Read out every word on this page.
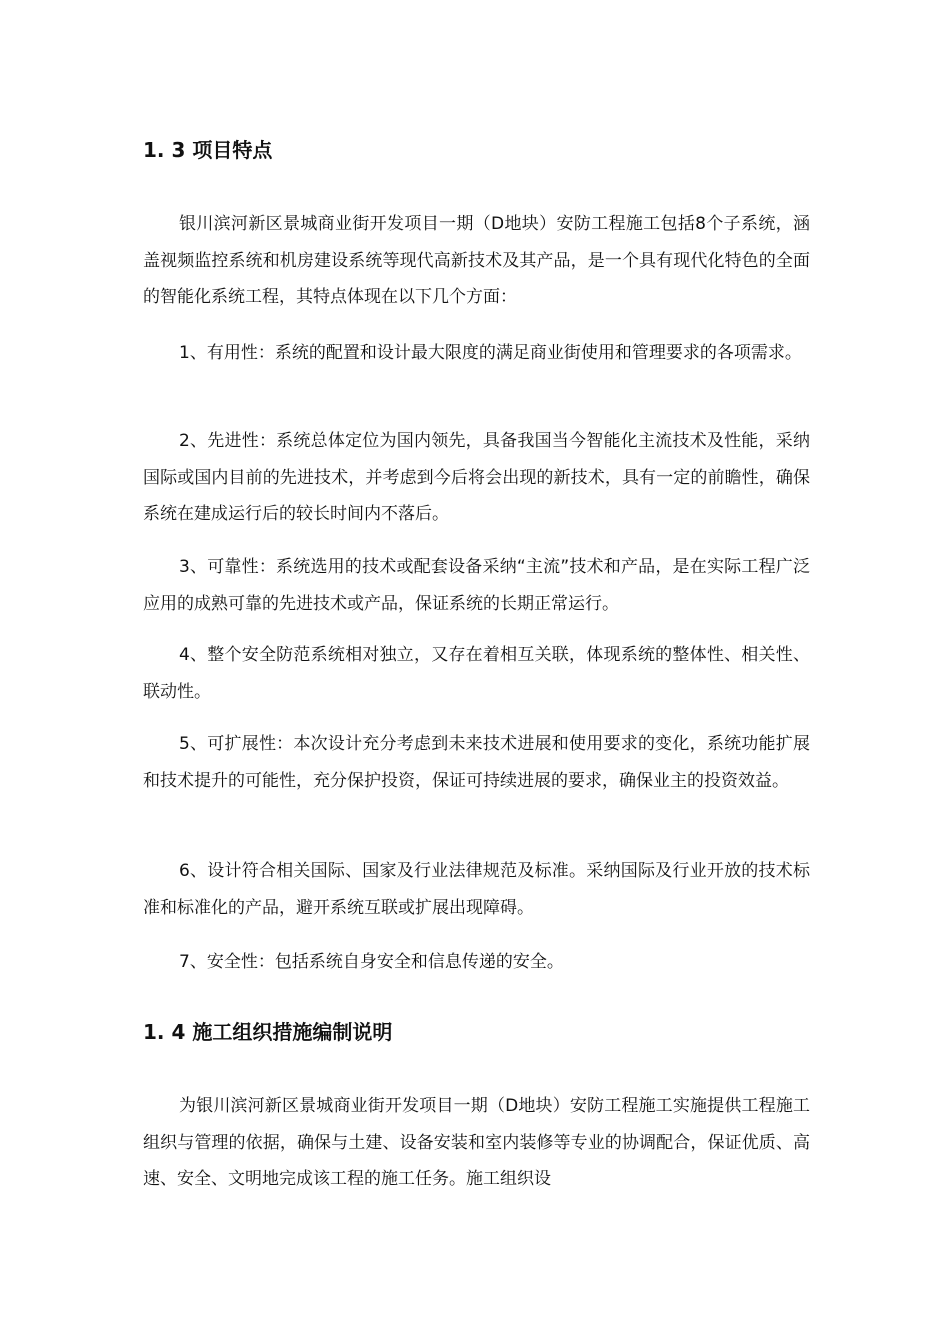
1. 3 项目特点

银川滨河新区景城商业街开发项目一期（D地块）安防工程施工包括8个子系统，涵盖视频监控系统和机房建设系统等现代高新技术及其产品，是一个具有现代化特色的全面的智能化系统工程，其特点体现在以下几个方面：

1、有用性：系统的配置和设计最大限度的满足商业街使用和管理要求的各项需求。

2、先进性：系统总体定位为国内领先，具备我国当今智能化主流技术及性能，采纳国际或国内目前的先进技术，并考虑到今后将会出现的新技术，具有一定的前瞻性，确保系统在建成运行后的较长时间内不落后。

3、可靠性：系统选用的技术或配套设备采纳“主流”技术和产品，是在实际工程广泛应用的成熟可靠的先进技术或产品，保证系统的长期正常运行。

4、整个安全防范系统相对独立，又存在着相互关联，体现系统的整体性、相关性、联动性。

5、可扩展性：本次设计充分考虑到未来技术进展和使用要求的变化，系统功能扩展和技术提升的可能性，充分保护投资，保证可持续进展的要求，确保业主的投资效益。

6、设计符合相关国际、国家及行业法律规范及标准。采纳国际及行业开放的技术标准和标准化的产品，避开系统互联或扩展出现障碍。

7、安全性：包括系统自身安全和信息传递的安全。

1. 4 施工组织措施编制说明

为银川滨河新区景城商业街开发项目一期（D地块）安防工程施工实施提供工程施工组织与管理的依据，确保与土建、设备安装和室内装修等专业的协调配合，保证优质、高速、安全、文明地完成该工程的施工任务。施工组织设
